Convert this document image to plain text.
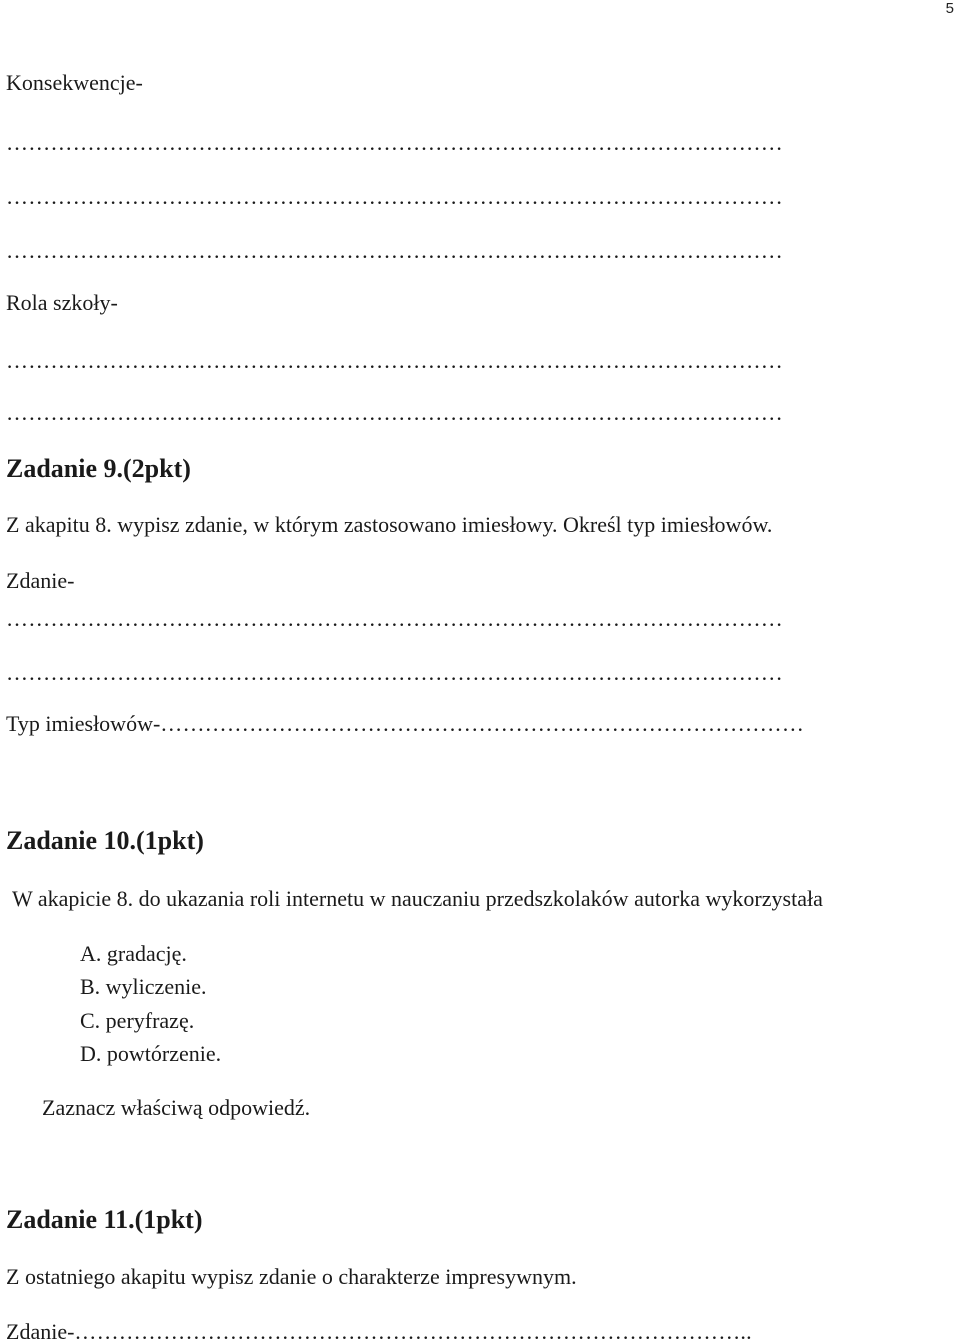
5
Konsekwencje-
……………………………………………………………………………………………
……………………………………………………………………………………………
……………………………………………………………………………………………
Rola szkoły-
……………………………………………………………………………………………
……………………………………………………………………………………………
Zadanie 9.(2pkt)
Z akapitu 8. wypisz zdanie, w którym zastosowano imiesłowy. Określ typ imiesłowów.
Zdanie-
……………………………………………………………………………………………
……………………………………………………………………………………………
Typ imiesłowów-……………………………………………………………………………
Zadanie 10.(1pkt)
W akapicie 8. do ukazania roli internetu w nauczaniu przedszkolaków autorka wykorzystała
A. gradację.
B. wyliczenie.
C. peryfrazę.
D. powtórzenie.
Zaznacz właściwą odpowiedź.
Zadanie 11.(1pkt)
Z ostatniego akapitu wypisz zdanie o charakterze impresywnym.
Zdanie-………………………………………………………………………………..
